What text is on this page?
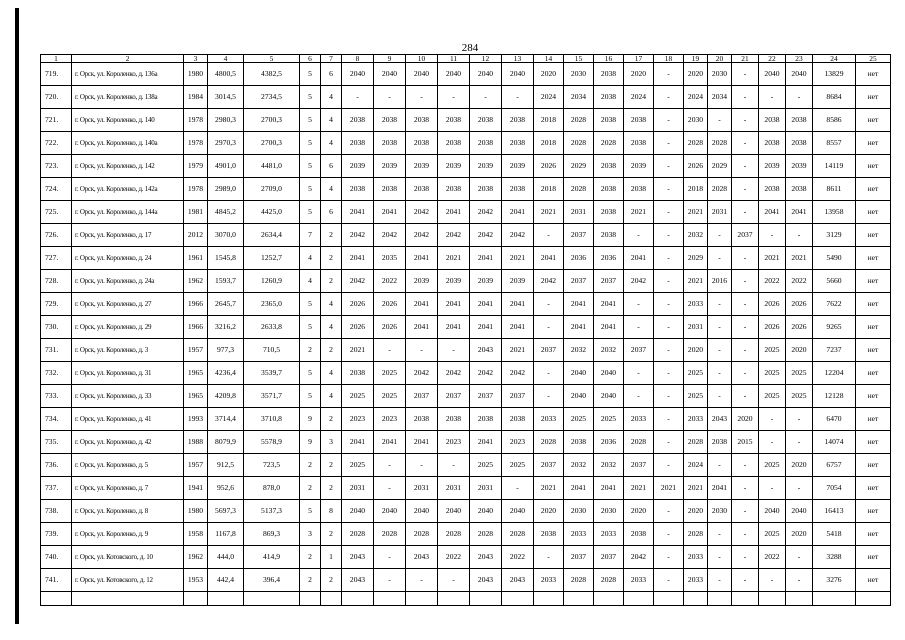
284
1	2	3	4	5	6	7	8	9	10	11	12	13	14	15	16	17	18	19	20	21	22	23	24	25
719.	г. Орск, ул. Короленко, д. 136а	1980	4800,5	4382,5	5	6	2040	2040	2040	2040	2040	2040	2020	2030	2038	2020	-	2020	2030	-	2040	2040	13829	нет
720.	г. Орск, ул. Короленко, д. 138а	1984	3014,5	2734,5	5	4	-	-	-	-	-	-	2024	2034	2038	2024	-	2024	2034	-	-	-	8684	нет
721.	г. Орск, ул. Короленко, д. 140	1978	2980,3	2700,3	5	4	2038	2038	2038	2038	2038	2038	2018	2028	2038	2038	-	2030	-	-	2038	2038	8586	нет
722.	г. Орск, ул. Короленко, д. 140а	1978	2970,3	2700,3	5	4	2038	2038	2038	2038	2038	2038	2018	2028	2028	2038	-	2028	2028	-	2038	2038	8557	нет
723.	г. Орск, ул. Короленко, д. 142	1979	4901,0	4481,0	5	6	2039	2039	2039	2039	2039	2039	2026	2029	2038	2039	-	2026	2029	-	2039	2039	14119	нет
724.	г. Орск, ул. Короленко, д. 142а	1978	2989,0	2709,0	5	4	2038	2038	2038	2038	2038	2038	2018	2028	2038	2038	-	2018	2028	-	2038	2038	8611	нет
725.	г. Орск, ул. Короленко, д. 144а	1981	4845,2	4425,0	5	6	2041	2041	2042	2041	2042	2041	2021	2031	2038	2021	-	2021	2031	-	2041	2041	13958	нет
726.	г. Орск, ул. Короленко, д. 17	2012	3070,0	2634,4	7	2	2042	2042	2042	2042	2042	2042	-	2037	2038	-	-	2032	-	2037	-	-	3129	нет
727.	г. Орск, ул. Короленко, д. 24	1961	1545,8	1252,7	4	2	2041	2035	2041	2021	2041	2021	2041	2036	2036	2041	-	2029	-	-	2021	2021	5490	нет
728.	г. Орск, ул. Короленко, д. 24а	1962	1593,7	1260,9	4	2	2042	2022	2039	2039	2039	2039	2042	2037	2037	2042	-	2021	2016	-	2022	2022	5660	нет
729.	г. Орск, ул. Короленко, д. 27	1966	2645,7	2365,0	5	4	2026	2026	2041	2041	2041	2041	-	2041	2041	-	-	2033	-	-	2026	2026	7622	нет
730.	г. Орск, ул. Короленко, д. 29	1966	3216,2	2633,8	5	4	2026	2026	2041	2041	2041	2041	-	2041	2041	-	-	2031	-	-	2026	2026	9265	нет
731.	г. Орск, ул. Короленко, д. 3	1957	977,3	710,5	2	2	2021	-	-	-	2043	2021	2037	2032	2032	2037	-	2020	-	-	2025	2020	7237	нет
732.	г. Орск, ул. Короленко, д. 31	1965	4236,4	3539,7	5	4	2038	2025	2042	2042	2042	2042	-	2040	2040	-	-	2025	-	-	2025	2025	12204	нет
733.	г. Орск, ул. Короленко, д. 33	1965	4209,8	3571,7	5	4	2025	2025	2037	2037	2037	2037	-	2040	2040	-	-	2025	-	-	2025	2025	12128	нет
734.	г. Орск, ул. Короленко, д. 41	1993	3714,4	3710,8	9	2	2023	2023	2038	2038	2038	2038	2033	2025	2025	2033	-	2033	2043	2020	-	-	6470	нет
735.	г. Орск, ул. Короленко, д. 42	1988	8079,9	5578,9	9	3	2041	2041	2041	2023	2041	2023	2028	2038	2036	2028	-	2028	2038	2015	-	-	14074	нет
736.	г. Орск, ул. Короленко, д. 5	1957	912,5	723,5	2	2	2025	-	-	-	2025	2025	2037	2032	2032	2037	-	2024	-	-	2025	2020	6757	нет
737.	г. Орск, ул. Короленко, д. 7	1941	952,6	878,0	2	2	2031	-	2031	2031	2031	-	2021	2041	2041	2021	2021	2021	2041	-	-	-	7054	нет
738.	г. Орск, ул. Короленко, д. 8	1980	5697,3	5137,3	5	8	2040	2040	2040	2040	2040	2040	2020	2030	2030	2020	-	2020	2030	-	2040	2040	16413	нет
739.	г. Орск, ул. Короленко, д. 9	1958	1167,8	869,3	3	2	2028	2028	2028	2028	2028	2028	2038	2033	2033	2038	-	2028	-	-	2025	2020	5418	нет
740.	г. Орск, ул. Котовского, д. 10	1962	444,0	414,9	2	1	2043	-	2043	2022	2043	2022	-	2037	2037	2042	-	2033	-	-	2022	-	3288	нет
741.	г. Орск, ул. Котовского, д. 12	1953	442,4	396,4	2	2	2043	-	-	-	2043	2043	2033	2028	2028	2033	-	2033	-	-	-	-	3276	нет
